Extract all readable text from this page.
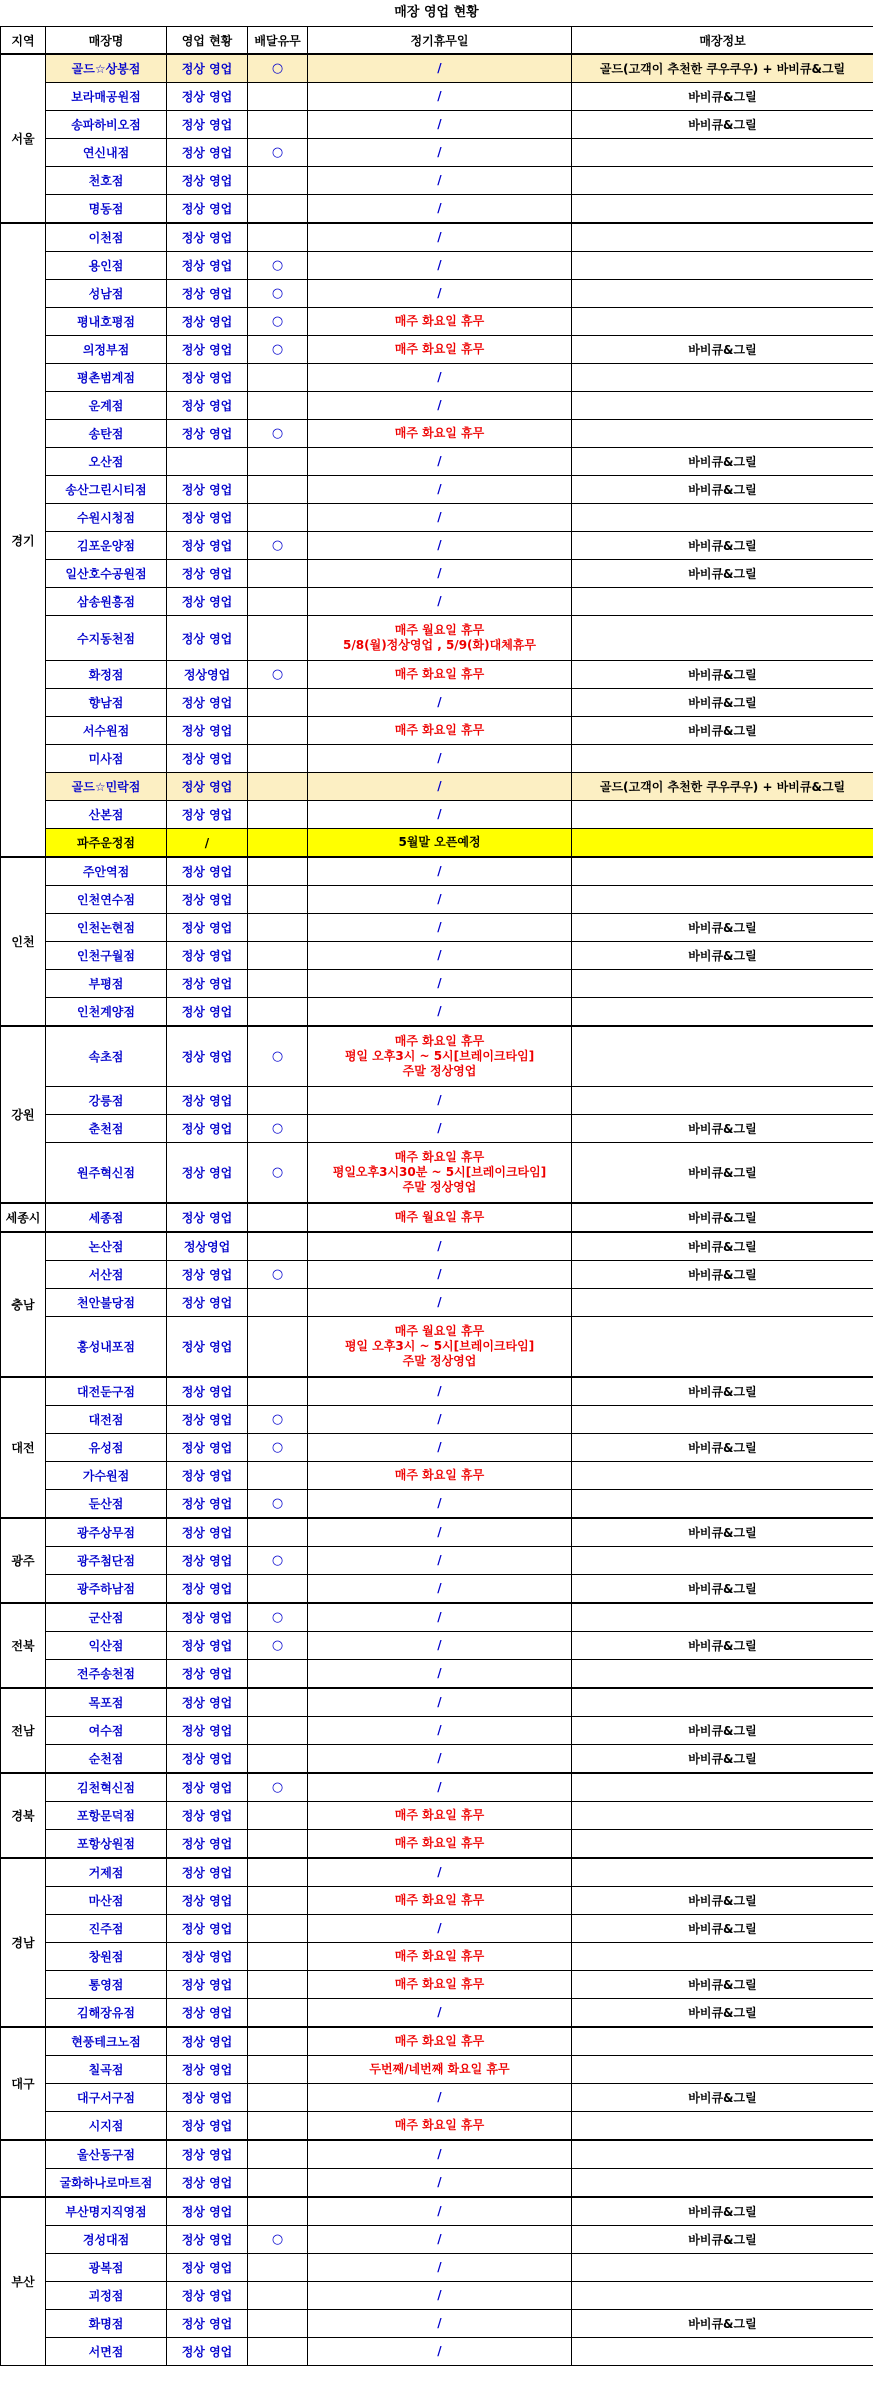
매장 영업 현황
지역	매장명	영업 현황	배달유무	정기휴무일	매장정보
서울	골드☆상봉점	정상 영업	○	/	골드(고객이 추천한 쿠우쿠우) + 바비큐&그릴
	보라매공원점	정상 영업		/	바비큐&그릴
	송파하비오점	정상 영업		/	바비큐&그릴
	연신내점	정상 영업	○	/	
	천호점	정상 영업		/	
	명동점	정상 영업		/	
경기	이천점	정상 영업		/	
	용인점	정상 영업	○	/	
	성남점	정상 영업	○	/	
	평내호평점	정상 영업	○	매주 화요일 휴무	
	의정부점	정상 영업	○	매주 화요일 휴무	바비큐&그릴
	평촌범계점	정상 영업		/	
	운계점	정상 영업		/	
	송탄점	정상 영업	○	매주 화요일 휴무	
	오산점			/	바비큐&그릴
	송산그린시티점	정상 영업		/	바비큐&그릴
	수원시청점	정상 영업		/	
	김포운양점	정상 영업	○	/	바비큐&그릴
	일산호수공원점	정상 영업		/	바비큐&그릴
	삼송원흥점	정상 영업		/	
	수지동천점	정상 영업		매주 월요일 휴무
5/8(월)정상영업 , 5/9(화)대체휴무	
	화정점	정상영업	○	매주 화요일 휴무	바비큐&그릴
	향남점	정상 영업		/	바비큐&그릴
	서수원점	정상 영업		매주 화요일 휴무	바비큐&그릴
	미사점	정상 영업		/	
	골드☆민락점	정상 영업		/	골드(고객이 추천한 쿠우쿠우) + 바비큐&그릴
	산본점	정상 영업		/	
	파주운정점	/		5월말 오픈예정	
인천	주안역점	정상 영업		/	
	인천연수점	정상 영업		/	
	인천논현점	정상 영업		/	바비큐&그릴
	인천구월점	정상 영업		/	바비큐&그릴
	부평점	정상 영업		/	
	인천계양점	정상 영업		/	
강원	속초점	정상 영업	○	매주 화요일 휴무
평일 오후3시 ~ 5시[브레이크타임]
주말 정상영업	
	강릉점	정상 영업		/	
	춘천점	정상 영업	○	/	바비큐&그릴
	원주혁신점	정상 영업	○	매주 화요일 휴무
평일오후3시30분 ~ 5시[브레이크타임]
주말 정상영업	바비큐&그릴
세종시	세종점	정상 영업		매주 월요일 휴무	바비큐&그릴
충남	논산점	정상영업		/	바비큐&그릴
	서산점	정상 영업	○	/	바비큐&그릴
	천안불당점	정상 영업		/	
	홍성내포점	정상 영업		매주 월요일 휴무
평일 오후3시 ~ 5시[브레이크타임]
주말 정상영업	
대전	대전둔구점	정상 영업		/	바비큐&그릴
	대전점	정상 영업	○	/	
	유성점	정상 영업	○	/	바비큐&그릴
	가수원점	정상 영업		매주 화요일 휴무	
	둔산점	정상 영업	○	/	
광주	광주상무점	정상 영업		/	바비큐&그릴
	광주첨단점	정상 영업	○	/	
	광주하남점	정상 영업		/	바비큐&그릴
전북	군산점	정상 영업	○	/	
	익산점	정상 영업	○	/	바비큐&그릴
	전주송천점	정상 영업		/	
전남	목포점	정상 영업		/	
	여수점	정상 영업		/	바비큐&그릴
	순천점	정상 영업		/	바비큐&그릴
경북	김천혁신점	정상 영업	○	/	
	포항문덕점	정상 영업		매주 화요일 휴무	
	포항상원점	정상 영업		매주 화요일 휴무	
경남	거제점	정상 영업		/	
	마산점	정상 영업		매주 화요일 휴무	바비큐&그릴
	진주점	정상 영업		/	바비큐&그릴
	창원점	정상 영업		매주 화요일 휴무	
	통영점	정상 영업		매주 화요일 휴무	바비큐&그릴
	김해장유점	정상 영업		/	바비큐&그릴
대구	현풍테크노점	정상 영업		매주 화요일 휴무	
	칠곡점	정상 영업		두번째/네번째 화요일 휴무	
	대구서구점	정상 영업		/	바비큐&그릴
	시지점	정상 영업		매주 화요일 휴무	
	울산동구점	정상 영업		/	
	굴화하나로마트점	정상 영업		/	
부산	부산명지직영점	정상 영업		/	바비큐&그릴
	경성대점	정상 영업	○	/	바비큐&그릴
	광복점	정상 영업		/	
	괴정점	정상 영업		/	
	화명점	정상 영업		/	바비큐&그릴
	서면점	정상 영업		/	
